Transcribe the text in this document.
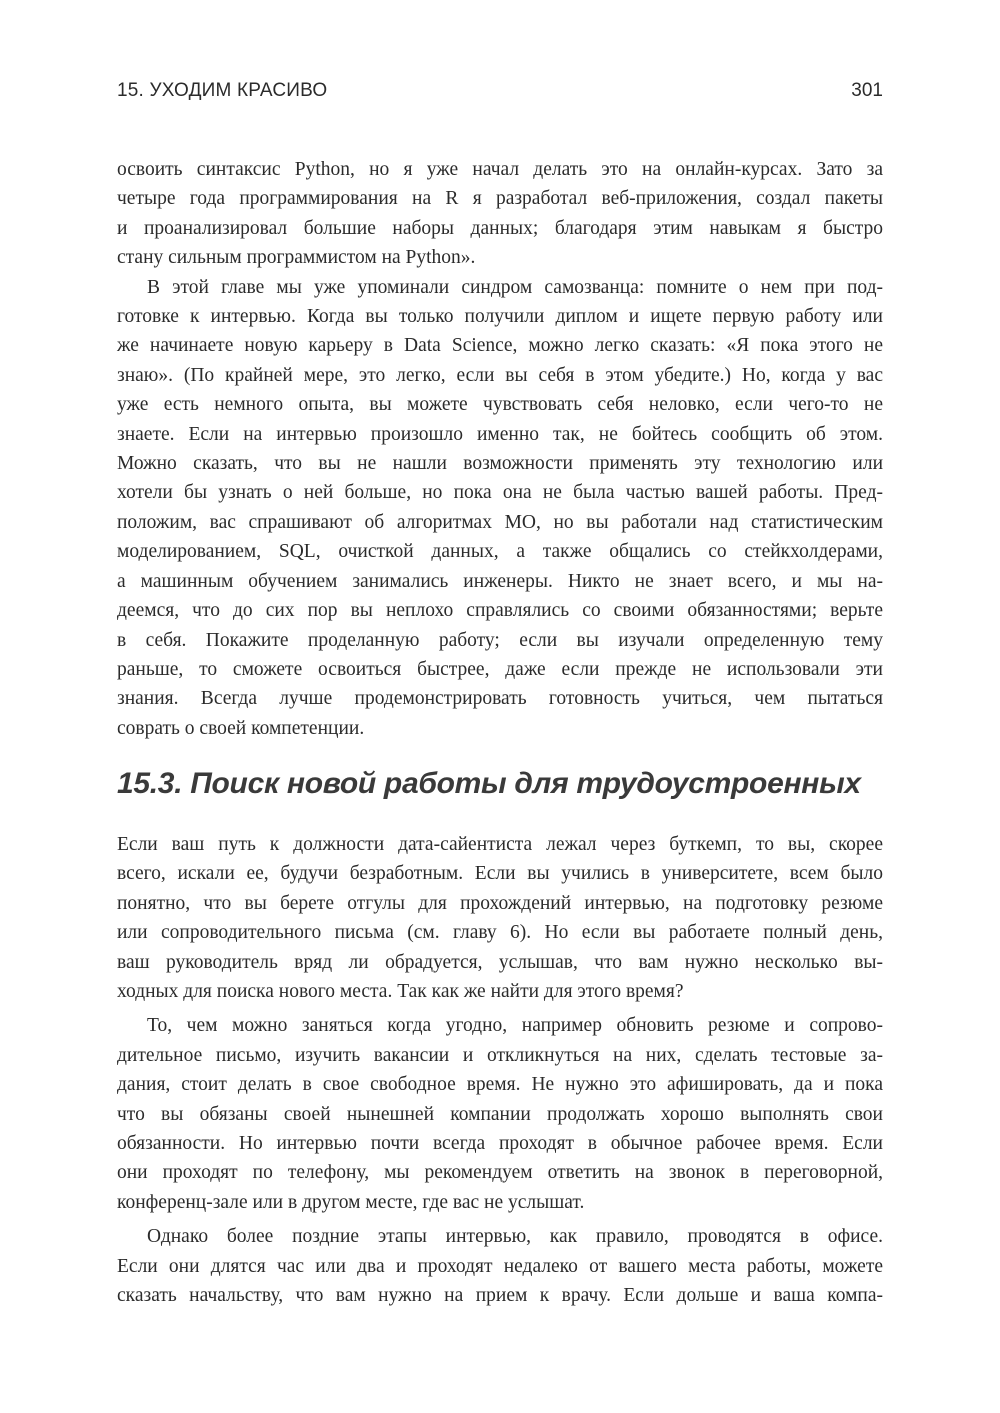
15. УХОДИМ КРАСИВО	301
освоить синтаксис Python, но я уже начал делать это на онлайн-курсах. Зато за
четыре года программирования на R я разработал веб-приложения, создал пакеты
и проанализировал большие наборы данных; благодаря этим навыкам я быстро
стану сильным программистом на Python».
В этой главе мы уже упоминали синдром самозванца: помните о нем при под-
готовке к интервью. Когда вы только получили диплом и ищете первую работу или
же начинаете новую карьеру в Data Science, можно легко сказать: «Я пока этого не
знаю». (По крайней мере, это легко, если вы себя в этом убедите.) Но, когда у вас
уже есть немного опыта, вы можете чувствовать себя неловко, если чего-то не
знаете. Если на интервью произошло именно так, не бойтесь сообщить об этом.
Можно сказать, что вы не нашли возможности применять эту технологию или
хотели бы узнать о ней больше, но пока она не была частью вашей работы. Пред-
положим, вас спрашивают об алгоритмах МО, но вы работали над статистическим
моделированием, SQL, очисткой данных, а также общались со стейкхолдерами,
а машинным обучением занимались инженеры. Никто не знает всего, и мы на-
деемся, что до сих пор вы неплохо справлялись со своими обязанностями; верьте
в себя. Покажите проделанную работу; если вы изучали определенную тему
раньше, то сможете освоиться быстрее, даже если прежде не использовали эти
знания. Всегда лучше продемонстрировать готовность учиться, чем пытаться
соврать о своей компетенции.
15.3. Поиск новой работы для трудоустроенных
Если ваш путь к должности дата-сайентиста лежал через буткемп, то вы, скорее
всего, искали ее, будучи безработным. Если вы учились в университете, всем было
понятно, что вы берете отгулы для прохождений интервью, на подготовку резюме
или сопроводительного письма (см. главу 6). Но если вы работаете полный день,
ваш руководитель вряд ли обрадуется, услышав, что вам нужно несколько вы-
ходных для поиска нового места. Так как же найти для этого время?
То, чем можно заняться когда угодно, например обновить резюме и сопрово-
дительное письмо, изучить вакансии и откликнуться на них, сделать тестовые за-
дания, стоит делать в свое свободное время. Не нужно это афишировать, да и пока
что вы обязаны своей нынешней компании продолжать хорошо выполнять свои
обязанности. Но интервью почти всегда проходят в обычное рабочее время. Если
они проходят по телефону, мы рекомендуем ответить на звонок в переговорной,
конференц-зале или в другом месте, где вас не услышат.
Однако более поздние этапы интервью, как правило, проводятся в офисе.
Если они длятся час или два и проходят недалеко от вашего места работы, можете
сказать начальству, что вам нужно на прием к врачу. Если дольше и ваша компа-
